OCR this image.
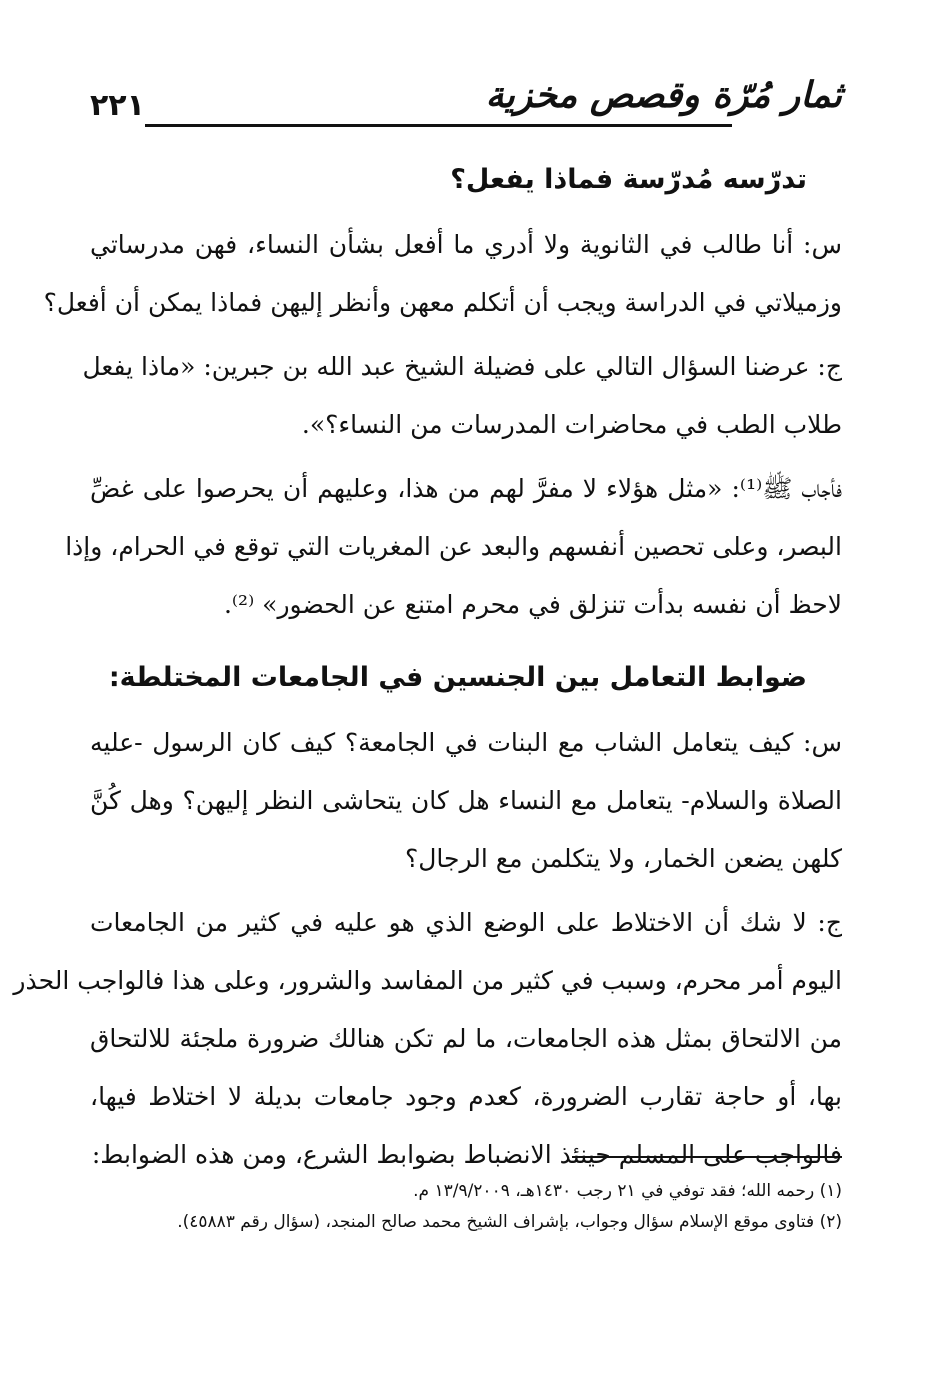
ثمار مُرّة وقصص مخزية
٢٢١
تدرّسه مُدرّسة فماذا يفعل؟

س: أنا طالب في الثانوية ولا أدري ما أفعل بشأن النساء، فهن مدرساتي
وزميلاتي في الدراسة ويجب أن أتكلم معهن وأنظر إليهن فماذا يمكن أن أفعل؟

ج: عرضنا السؤال التالي على فضيلة الشيخ عبد الله بن جبرين: «ماذا يفعل
طلاب الطب في محاضرات المدرسات من النساء؟».

فأجاب ﷺ⁽¹⁾: «مثل هؤلاء لا مفرَّ لهم من هذا، وعليهم أن يحرصوا على غضِّ
البصر، وعلى تحصين أنفسهم والبعد عن المغريات التي توقع في الحرام، وإذا
لاحظ أن نفسه بدأت تنزلق في محرم امتنع عن الحضور» ⁽²⁾.

ضوابط التعامل بين الجنسين في الجامعات المختلطة:

س: كيف يتعامل الشاب مع البنات في الجامعة؟ كيف كان الرسول -عليه
الصلاة والسلام- يتعامل مع النساء هل كان يتحاشى النظر إليهن؟ وهل كُنَّ
كلهن يضعن الخمار، ولا يتكلمن مع الرجال؟

ج: لا شك أن الاختلاط على الوضع الذي هو عليه في كثير من الجامعات
اليوم أمر محرم، وسبب في كثير من المفاسد والشرور، وعلى هذا فالواجب الحذر
من الالتحاق بمثل هذه الجامعات، ما لم تكن هنالك ضرورة ملجئة للالتحاق
بها، أو حاجة تقارب الضرورة، كعدم وجود جامعات بديلة لا اختلاط فيها،
فالواجب على المسلم حينئذ الانضباط بضوابط الشرع، ومن هذه الضوابط:

(١) رحمه الله؛ فقد توفي في ٢١ رجب ١٤٣٠هـ، ١٣/٩/٢٠٠٩ م.
(٢) فتاوى موقع الإسلام سؤال وجواب، بإشراف الشيخ محمد صالح المنجد، (سؤال رقم ٤٥٨٨٣).
